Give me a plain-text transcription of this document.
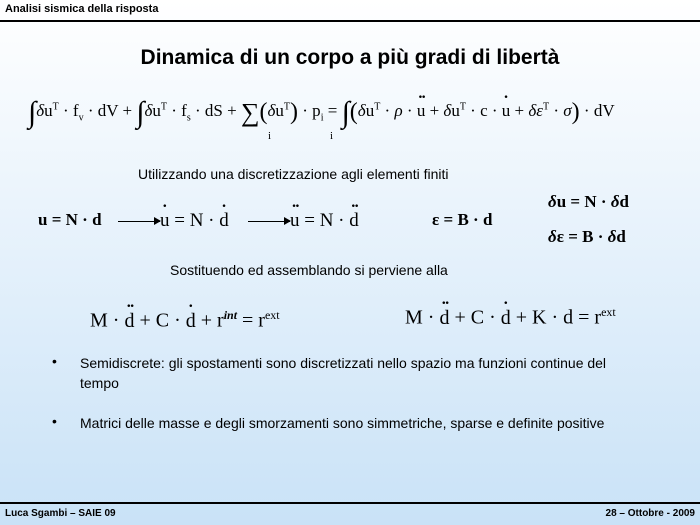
Analisi sismica della risposta
Dinamica di un corpo a più gradi di libertà
$\int\delta u^T \cdot f_v$ · dV + $\int\delta u^T \cdot f_s$ · dS + $\sum(\delta u^T) \cdot p_i = \int(\delta u^T \cdot \rho$ · ·· $u + \delta u^T \cdot c$ · · $u + \delta\varepsilon^T \cdot \sigma$) · dV
i	i
Utilizzando una discretizzazione agli elementi finiti
u = N · d	· u = N · · d	·· u = N · ·· d	ε = B · d
δu = N · δd
δε = B · δd
Sostituendo ed assemblando si perviene alla
M · ·· d + C · · $d + r^{int} = r^{ext}$	M · ·· d + C · · $d + K \cdot d = r^{ext}$
• Semidiscrete: gli spostamenti sono discretizzati nello spazio ma funzioni continue del tempo
• Matrici delle masse e degli smorzamenti sono simmetriche, sparse e definite positive
Luca Sgambi – SAIE 09	28 – Ottobre - 2009
